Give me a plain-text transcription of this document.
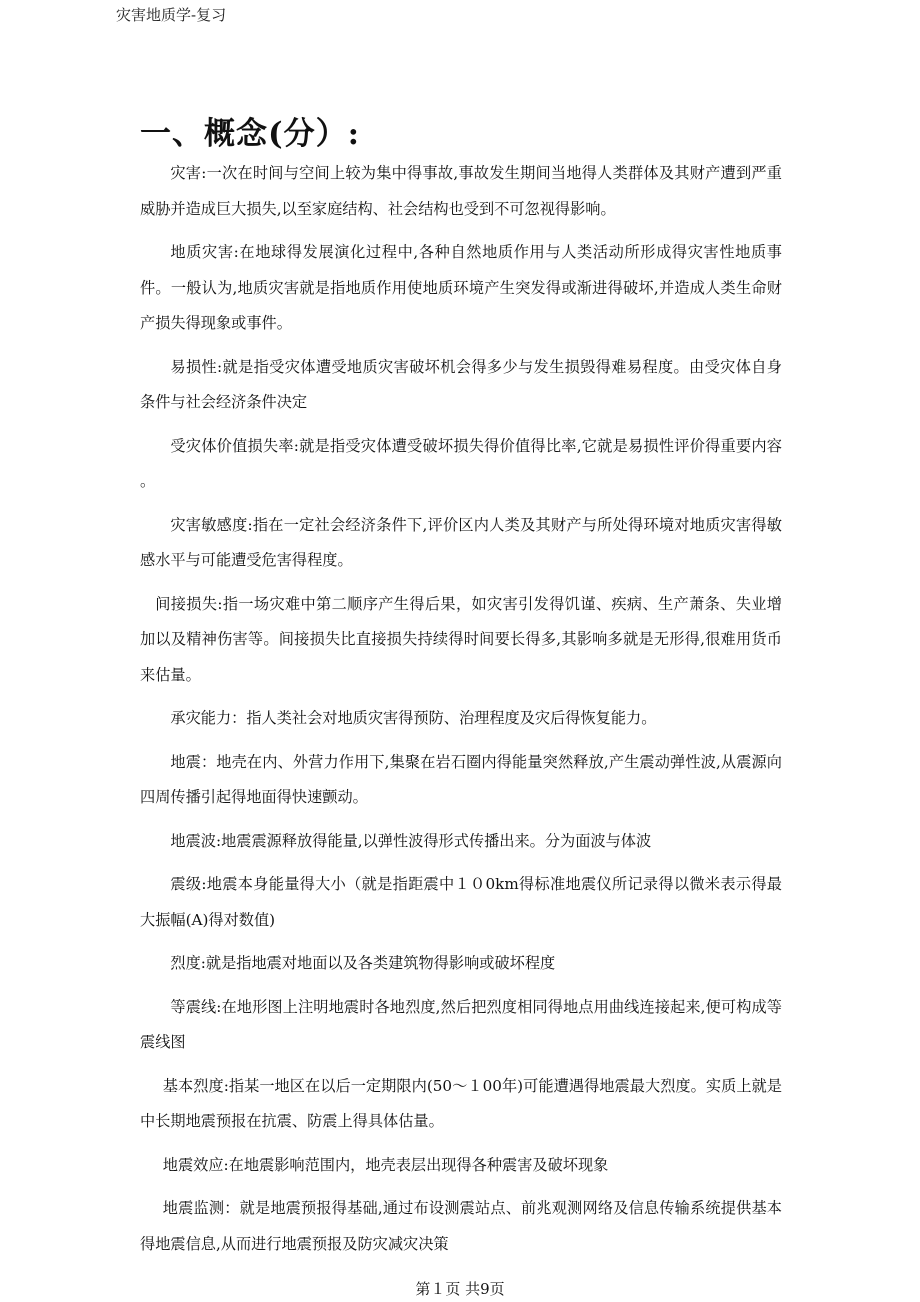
灾害地质学-复习
一、概念(分）:

灾害:一次在时间与空间上较为集中得事故,事故发生期间当地得人类群体及其财产遭到严重威胁并造成巨大损失,以至家庭结构、社会结构也受到不可忽视得影响。

地质灾害:在地球得发展演化过程中,各种自然地质作用与人类活动所形成得灾害性地质事件。一般认为,地质灾害就是指地质作用使地质环境产生突发得或渐进得破坏,并造成人类生命财产损失得现象或事件。

易损性:就是指受灾体遭受地质灾害破坏机会得多少与发生损毁得难易程度。由受灾体自身条件与社会经济条件决定

受灾体价值损失率:就是指受灾体遭受破坏损失得价值得比率,它就是易损性评价得重要内容 。

灾害敏感度:指在一定社会经济条件下,评价区内人类及其财产与所处得环境对地质灾害得敏感水平与可能遭受危害得程度。

间接损失:指一场灾难中第二顺序产生得后果，如灾害引发得饥谨、疾病、生产萧条、失业增加以及精神伤害等。间接损失比直接损失持续得时间要长得多,其影响多就是无形得,很难用货币来估量。

承灾能力：指人类社会对地质灾害得预防、治理程度及灾后得恢复能力。

地震：地壳在内、外营力作用下,集聚在岩石圈内得能量突然释放,产生震动弹性波,从震源向四周传播引起得地面得快速颤动。

地震波:地震震源释放得能量,以弹性波得形式传播出来。分为面波与体波

震级:地震本身能量得大小（就是指距震中１０0km得标准地震仪所记录得以微米表示得最大振幅(A)得对数值)

烈度:就是指地震对地面以及各类建筑物得影响或破坏程度

等震线:在地形图上注明地震时各地烈度,然后把烈度相同得地点用曲线连接起来,便可构成等震线图

基本烈度:指某一地区在以后一定期限内(50～１00年)可能遭遇得地震最大烈度。实质上就是中长期地震预报在抗震、防震上得具体估量。

地震效应:在地震影响范围内，地壳表层出现得各种震害及破坏现象

地震监测：就是地震预报得基础,通过布设测震站点、前兆观测网络及信息传输系统提供基本得地震信息,从而进行地震预报及防灾减灾决策

第１页 共9页
